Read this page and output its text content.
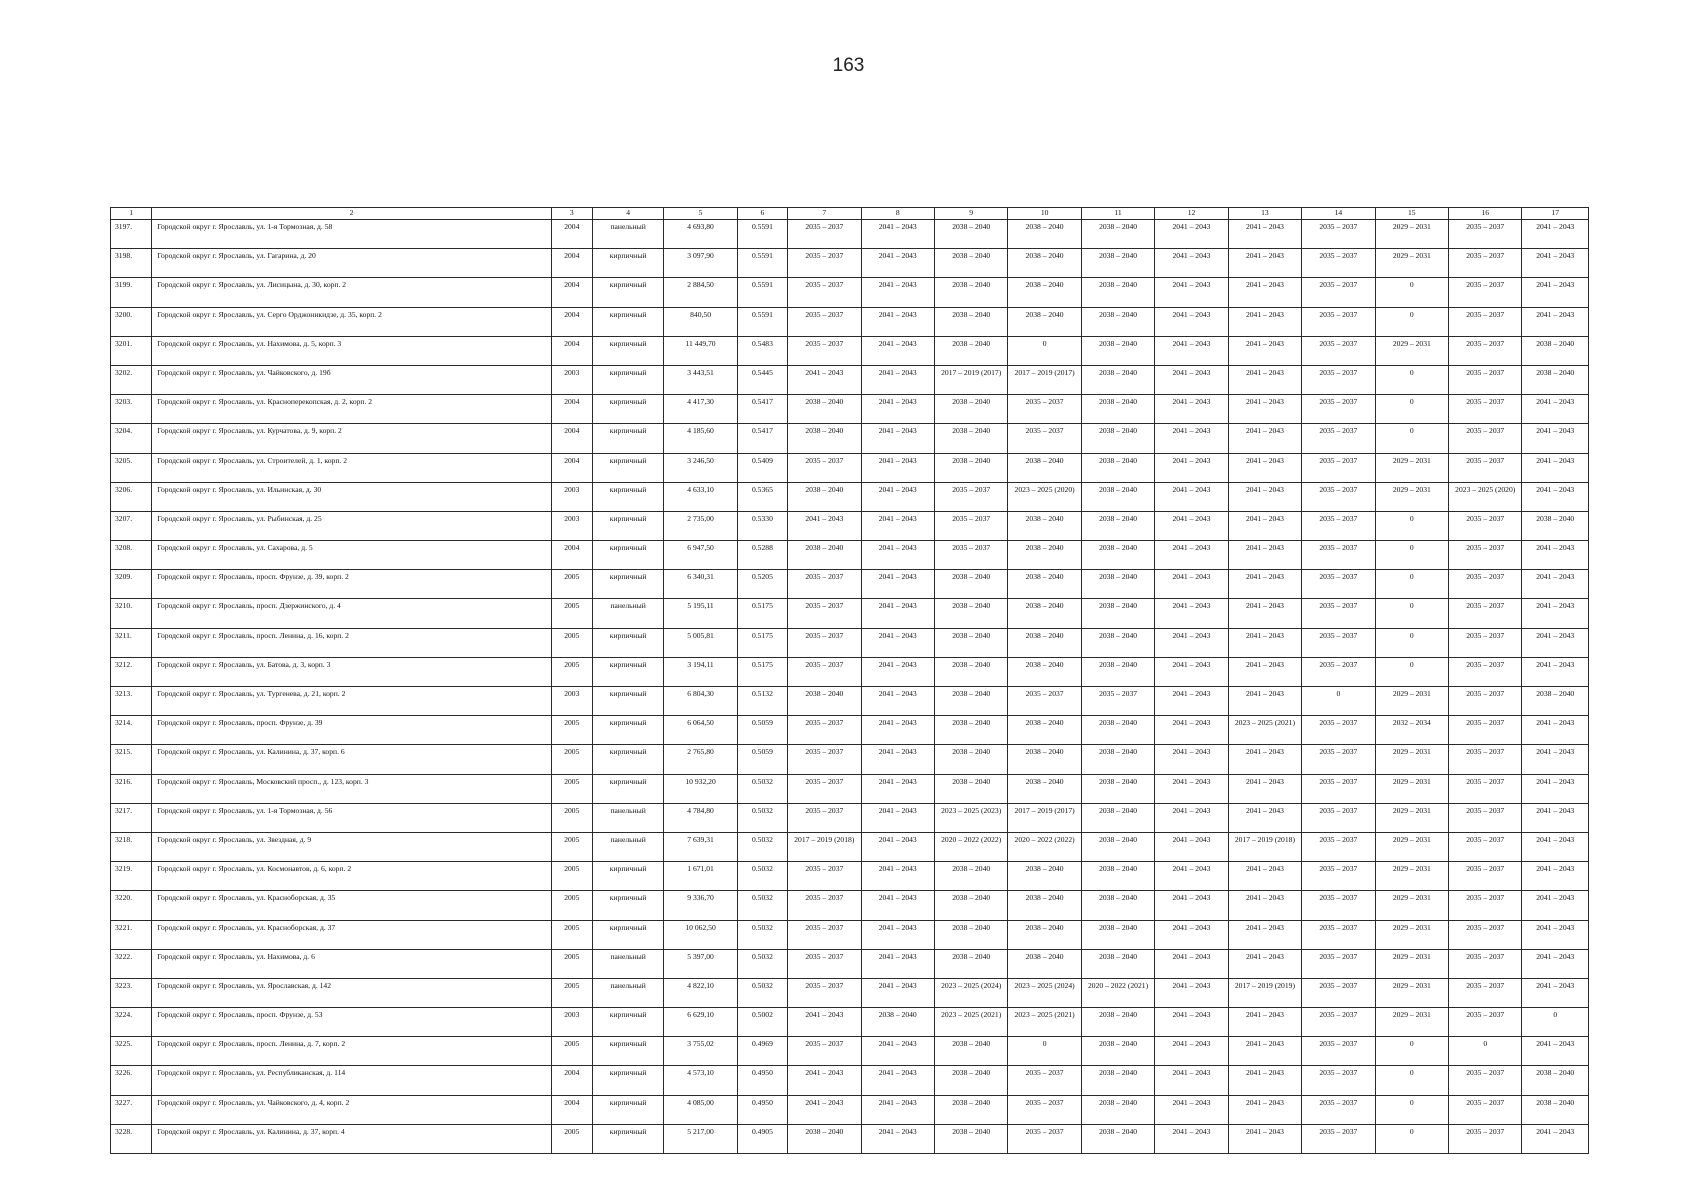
163
1	2	3	4	5	6	7	8	9	10	11	12	13	14	15	16	17
3197.	Городской округ г. Ярославль, ул. 1-я Тормозная, д. 58	2004	панельный	4 693,80	0.5591	2035 – 2037	2041 – 2043	2038 – 2040	2038 – 2040	2038 – 2040	2041 – 2043	2041 – 2043	2035 – 2037	2029 – 2031	2035 – 2037	2041 – 2043
3198.	Городской округ г. Ярославль, ул. Гагарина, д. 20	2004	кирпичный	3 097,90	0.5591	2035 – 2037	2041 – 2043	2038 – 2040	2038 – 2040	2038 – 2040	2041 – 2043	2041 – 2043	2035 – 2037	2029 – 2031	2035 – 2037	2041 – 2043
3199.	Городской округ г. Ярославль, ул. Лисицына, д. 30, корп. 2	2004	кирпичный	2 884,50	0.5591	2035 – 2037	2041 – 2043	2038 – 2040	2038 – 2040	2038 – 2040	2041 – 2043	2041 – 2043	2035 – 2037	0	2035 – 2037	2041 – 2043
3200.	Городской округ г. Ярославль, ул. Серго Орджоникидзе, д. 35, корп. 2	2004	кирпичный	840,50	0.5591	2035 – 2037	2041 – 2043	2038 – 2040	2038 – 2040	2038 – 2040	2041 – 2043	2041 – 2043	2035 – 2037	0	2035 – 2037	2041 – 2043
3201.	Городской округ г. Ярославль, ул. Нахимова, д. 5, корп. 3	2004	кирпичный	11 449,70	0.5483	2035 – 2037	2041 – 2043	2038 – 2040	0	2038 – 2040	2041 – 2043	2041 – 2043	2035 – 2037	2029 – 2031	2035 – 2037	2038 – 2040
3202.	Городской округ г. Ярославль, ул. Чайковского, д. 19б	2003	кирпичный	3 443,51	0.5445	2041 – 2043	2041 – 2043	2017 – 2019 (2017)	2017 – 2019 (2017)	2038 – 2040	2041 – 2043	2041 – 2043	2035 – 2037	0	2035 – 2037	2038 – 2040
3203.	Городской округ г. Ярославль, ул. Красноперекопская, д. 2, корп. 2	2004	кирпичный	4 417,30	0.5417	2038 – 2040	2041 – 2043	2038 – 2040	2035 – 2037	2038 – 2040	2041 – 2043	2041 – 2043	2035 – 2037	0	2035 – 2037	2041 – 2043
3204.	Городской округ г. Ярославль, ул. Курчатова, д. 9, корп. 2	2004	кирпичный	4 185,60	0.5417	2038 – 2040	2041 – 2043	2038 – 2040	2035 – 2037	2038 – 2040	2041 – 2043	2041 – 2043	2035 – 2037	0	2035 – 2037	2041 – 2043
3205.	Городской округ г. Ярославль, ул. Строителей, д. 1, корп. 2	2004	кирпичный	3 246,50	0.5409	2035 – 2037	2041 – 2043	2038 – 2040	2038 – 2040	2038 – 2040	2041 – 2043	2041 – 2043	2035 – 2037	2029 – 2031	2035 – 2037	2041 – 2043
3206.	Городской округ г. Ярославль, ул. Ильинская, д. 30	2003	кирпичный	4 633,10	0.5365	2038 – 2040	2041 – 2043	2035 – 2037	2023 – 2025 (2020)	2038 – 2040	2041 – 2043	2041 – 2043	2035 – 2037	2029 – 2031	2023 – 2025 (2020)	2041 – 2043
3207.	Городской округ г. Ярославль, ул. Рыбинская, д. 25	2003	кирпичный	2 735,00	0.5330	2041 – 2043	2041 – 2043	2035 – 2037	2038 – 2040	2038 – 2040	2041 – 2043	2041 – 2043	2035 – 2037	0	2035 – 2037	2038 – 2040
3208.	Городской округ г. Ярославль, ул. Сахарова, д. 5	2004	кирпичный	6 947,50	0.5288	2038 – 2040	2041 – 2043	2035 – 2037	2038 – 2040	2038 – 2040	2041 – 2043	2041 – 2043	2035 – 2037	0	2035 – 2037	2041 – 2043
3209.	Городской округ г. Ярославль, просп. Фрунзе, д. 39, корп. 2	2005	кирпичный	6 340,31	0.5205	2035 – 2037	2041 – 2043	2038 – 2040	2038 – 2040	2038 – 2040	2041 – 2043	2041 – 2043	2035 – 2037	0	2035 – 2037	2041 – 2043
3210.	Городской округ г. Ярославль, просп. Дзержинского, д. 4	2005	панельный	5 195,11	0.5175	2035 – 2037	2041 – 2043	2038 – 2040	2038 – 2040	2038 – 2040	2041 – 2043	2041 – 2043	2035 – 2037	0	2035 – 2037	2041 – 2043
3211.	Городской округ г. Ярославль, просп. Ленина, д. 16, корп. 2	2005	кирпичный	5 005,81	0.5175	2035 – 2037	2041 – 2043	2038 – 2040	2038 – 2040	2038 – 2040	2041 – 2043	2041 – 2043	2035 – 2037	0	2035 – 2037	2041 – 2043
3212.	Городской округ г. Ярославль, ул. Батова, д. 3, корп. 3	2005	кирпичный	3 194,11	0.5175	2035 – 2037	2041 – 2043	2038 – 2040	2038 – 2040	2038 – 2040	2041 – 2043	2041 – 2043	2035 – 2037	0	2035 – 2037	2041 – 2043
3213.	Городской округ г. Ярославль, ул. Тургенева, д. 21, корп. 2	2003	кирпичный	6 804,30	0.5132	2038 – 2040	2041 – 2043	2038 – 2040	2035 – 2037	2035 – 2037	2041 – 2043	2041 – 2043	0	2029 – 2031	2035 – 2037	2038 – 2040
3214.	Городской округ г. Ярославль, просп. Фрунзе, д. 39	2005	кирпичный	6 064,50	0.5059	2035 – 2037	2041 – 2043	2038 – 2040	2038 – 2040	2038 – 2040	2041 – 2043	2023 – 2025 (2021)	2035 – 2037	2032 – 2034	2035 – 2037	2041 – 2043
3215.	Городской округ г. Ярославль, ул. Калинина, д. 37, корп. 6	2005	кирпичный	2 765,80	0.5059	2035 – 2037	2041 – 2043	2038 – 2040	2038 – 2040	2038 – 2040	2041 – 2043	2041 – 2043	2035 – 2037	2029 – 2031	2035 – 2037	2041 – 2043
3216.	Городской округ г. Ярославль, Московский просп., д. 123, корп. 3	2005	кирпичный	10 932,20	0.5032	2035 – 2037	2041 – 2043	2038 – 2040	2038 – 2040	2038 – 2040	2041 – 2043	2041 – 2043	2035 – 2037	2029 – 2031	2035 – 2037	2041 – 2043
3217.	Городской округ г. Ярославль, ул. 1-я Тормозная, д. 56	2005	панельный	4 784,80	0.5032	2035 – 2037	2041 – 2043	2023 – 2025 (2023)	2017 – 2019 (2017)	2038 – 2040	2041 – 2043	2041 – 2043	2035 – 2037	2029 – 2031	2035 – 2037	2041 – 2043
3218.	Городской округ г. Ярославль, ул. Звездная, д. 9	2005	панельный	7 639,31	0.5032	2017 – 2019 (2018)	2041 – 2043	2020 – 2022 (2022)	2020 – 2022 (2022)	2038 – 2040	2041 – 2043	2017 – 2019 (2018)	2035 – 2037	2029 – 2031	2035 – 2037	2041 – 2043
3219.	Городской округ г. Ярославль, ул. Космонавтов, д. 6, корп. 2	2005	кирпичный	1 671,01	0.5032	2035 – 2037	2041 – 2043	2038 – 2040	2038 – 2040	2038 – 2040	2041 – 2043	2041 – 2043	2035 – 2037	2029 – 2031	2035 – 2037	2041 – 2043
3220.	Городской округ г. Ярославль, ул. Красноборская, д. 35	2005	кирпичный	9 336,70	0.5032	2035 – 2037	2041 – 2043	2038 – 2040	2038 – 2040	2038 – 2040	2041 – 2043	2041 – 2043	2035 – 2037	2029 – 2031	2035 – 2037	2041 – 2043
3221.	Городской округ г. Ярославль, ул. Красноборская, д. 37	2005	кирпичный	10 062,50	0.5032	2035 – 2037	2041 – 2043	2038 – 2040	2038 – 2040	2038 – 2040	2041 – 2043	2041 – 2043	2035 – 2037	2029 – 2031	2035 – 2037	2041 – 2043
3222.	Городской округ г. Ярославль, ул. Нахимова, д. 6	2005	панельный	5 397,00	0.5032	2035 – 2037	2041 – 2043	2038 – 2040	2038 – 2040	2038 – 2040	2041 – 2043	2041 – 2043	2035 – 2037	2029 – 2031	2035 – 2037	2041 – 2043
3223.	Городской округ г. Ярославль, ул. Ярославская, д. 142	2005	панельный	4 822,10	0.5032	2035 – 2037	2041 – 2043	2023 – 2025 (2024)	2023 – 2025 (2024)	2020 – 2022 (2021)	2041 – 2043	2017 – 2019 (2019)	2035 – 2037	2029 – 2031	2035 – 2037	2041 – 2043
3224.	Городской округ г. Ярославль, просп. Фрунзе, д. 53	2003	кирпичный	6 629,10	0.5002	2041 – 2043	2038 – 2040	2023 – 2025 (2021)	2023 – 2025 (2021)	2038 – 2040	2041 – 2043	2041 – 2043	2035 – 2037	2029 – 2031	2035 – 2037	0
3225.	Городской округ г. Ярославль, просп. Ленина, д. 7, корп. 2	2005	кирпичный	3 755,02	0.4969	2035 – 2037	2041 – 2043	2038 – 2040	0	2038 – 2040	2041 – 2043	2041 – 2043	2035 – 2037	0	0	2041 – 2043
3226.	Городской округ г. Ярославль, ул. Республиканская, д. 114	2004	кирпичный	4 573,10	0.4950	2041 – 2043	2041 – 2043	2038 – 2040	2035 – 2037	2038 – 2040	2041 – 2043	2041 – 2043	2035 – 2037	0	2035 – 2037	2038 – 2040
3227.	Городской округ г. Ярославль, ул. Чайковского, д. 4, корп. 2	2004	кирпичный	4 085,00	0.4950	2041 – 2043	2041 – 2043	2038 – 2040	2035 – 2037	2038 – 2040	2041 – 2043	2041 – 2043	2035 – 2037	0	2035 – 2037	2038 – 2040
3228.	Городской округ г. Ярославль, ул. Калинина, д. 37, корп. 4	2005	кирпичный	5 217,00	0.4905	2038 – 2040	2041 – 2043	2038 – 2040	2035 – 2037	2038 – 2040	2041 – 2043	2041 – 2043	2035 – 2037	0	2035 – 2037	2041 – 2043
